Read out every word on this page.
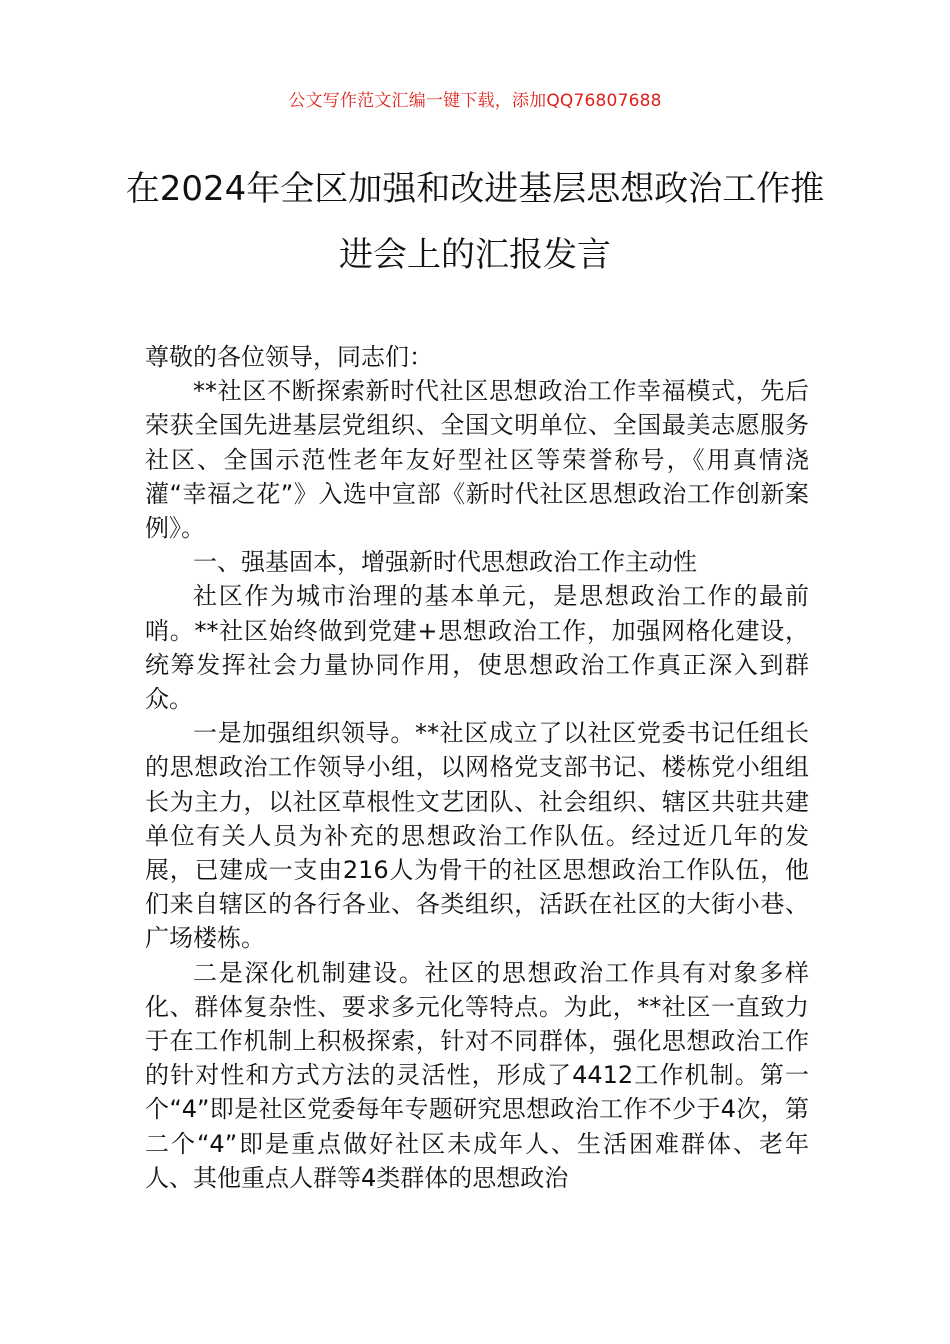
公文写作范文汇编一键下载，添加QQ76807688
在2024年全区加强和改进基层思想政治工作推进会上的汇报发言

尊敬的各位领导，同志们：

**社区不断探索新时代社区思想政治工作幸福模式，先后荣获全国先进基层党组织、全国文明单位、全国最美志愿服务社区、全国示范性老年友好型社区等荣誉称号，《用真情浇灌“幸福之花”》入选中宣部《新时代社区思想政治工作创新案例》。

一、强基固本，增强新时代思想政治工作主动性

社区作为城市治理的基本单元，是思想政治工作的最前哨。**社区始终做到党建+思想政治工作，加强网格化建设，统筹发挥社会力量协同作用，使思想政治工作真正深入到群众。

一是加强组织领导。**社区成立了以社区党委书记任组长的思想政治工作领导小组，以网格党支部书记、楼栋党小组组长为主力，以社区草根性文艺团队、社会组织、辖区共驻共建单位有关人员为补充的思想政治工作队伍。经过近几年的发展，已建成一支由216人为骨干的社区思想政治工作队伍，他们来自辖区的各行各业、各类组织，活跃在社区的大街小巷、广场楼栋。

二是深化机制建设。社区的思想政治工作具有对象多样化、群体复杂性、要求多元化等特点。为此，**社区一直致力于在工作机制上积极探索，针对不同群体，强化思想政治工作的针对性和方式方法的灵活性，形成了4412工作机制。第一个“4”即是社区党委每年专题研究思想政治工作不少于4次，第二个“4”即是重点做好社区未成年人、生活困难群体、老年人、其他重点人群等4类群体的思想政治
